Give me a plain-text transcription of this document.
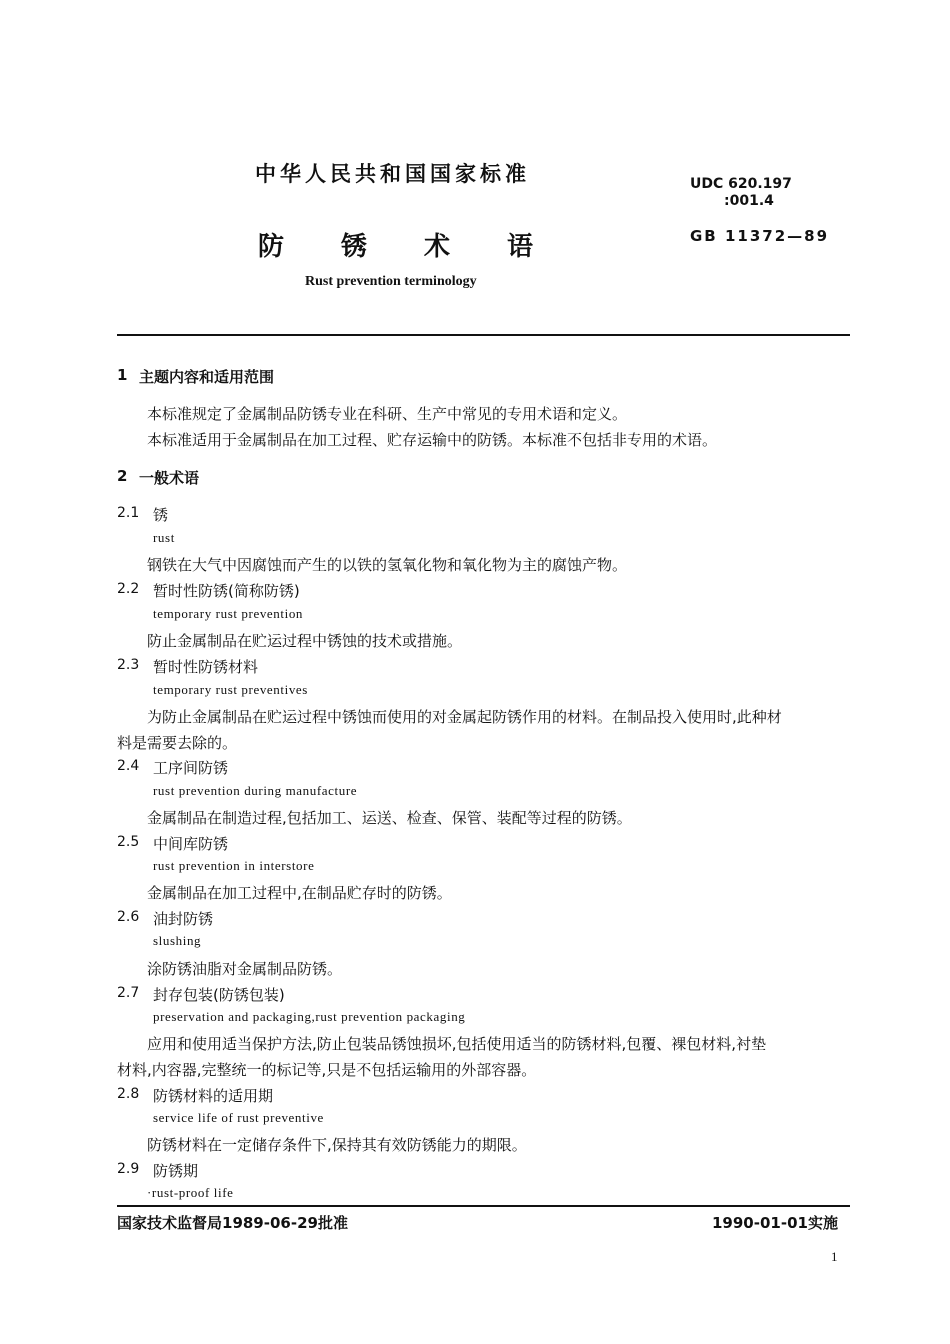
中华人民共和国国家标准	UDC 620.197
:001.4
防锈术语	GB 11372—89
Rust prevention terminology
1 主题内容和适用范围
本标准规定了金属制品防锈专业在科研、生产中常见的专用术语和定义。
本标准适用于金属制品在加工过程、贮存运输中的防锈。本标准不包括非专用的术语。
2 一般术语
2.1 锈
rust
钢铁在大气中因腐蚀而产生的以铁的氢氧化物和氧化物为主的腐蚀产物。
2.2 暂时性防锈(简称防锈)
temporary rust prevention
防止金属制品在贮运过程中锈蚀的技术或措施。
2.3 暂时性防锈材料
temporary rust preventives
为防止金属制品在贮运过程中锈蚀而使用的对金属起防锈作用的材料。在制品投入使用时,此种材
料是需要去除的。
2.4 工序间防锈
rust prevention during manufacture
金属制品在制造过程,包括加工、运送、检查、保管、装配等过程的防锈。
2.5 中间库防锈
rust prevention in interstore
金属制品在加工过程中,在制品贮存时的防锈。
2.6 油封防锈
slushing
涂防锈油脂对金属制品防锈。
2.7 封存包装(防锈包装)
preservation and packaging,rust prevention packaging
应用和使用适当保护方法,防止包装品锈蚀损坏,包括使用适当的防锈材料,包覆、裸包材料,衬垫
材料,内容器,完整统一的标记等,只是不包括运输用的外部容器。
2.8 防锈材料的适用期
service life of rust preventive
防锈材料在一定储存条件下,保持其有效防锈能力的期限。
2.9 防锈期
·rust-proof life
国家技术监督局1989-06-29批准	1990-01-01实施
1
